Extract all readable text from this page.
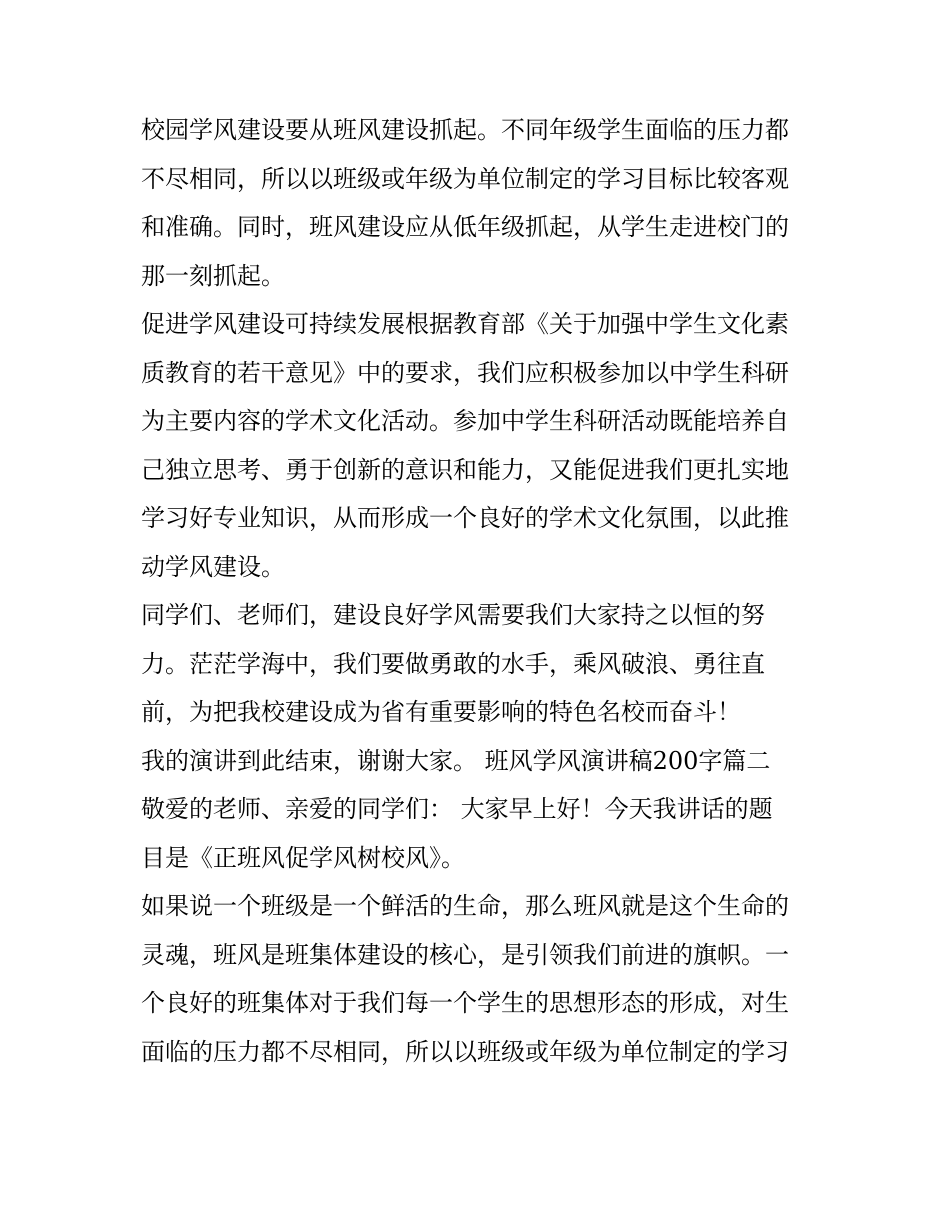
校园学风建设要从班风建设抓起。不同年级学生面临的压力都
不尽相同，所以以班级或年级为单位制定的学习目标比较客观
和准确。同时，班风建设应从低年级抓起，从学生走进校门的
那一刻抓起。
促进学风建设可持续发展根据教育部《关于加强中学生文化素
质教育的若干意见》中的要求，我们应积极参加以中学生科研
为主要内容的学术文化活动。参加中学生科研活动既能培养自
己独立思考、勇于创新的意识和能力，又能促进我们更扎实地
学习好专业知识，从而形成一个良好的学术文化氛围，以此推
动学风建设。
同学们、老师们，建设良好学风需要我们大家持之以恒的努
力。茫茫学海中，我们要做勇敢的水手，乘风破浪、勇往直
前，为把我校建设成为省有重要影响的特色名校而奋斗！
我的演讲到此结束，谢谢大家。 班风学风演讲稿200字篇二
敬爱的老师、亲爱的同学们： 大家早上好！今天我讲话的题
目是《正班风促学风树校风》。
如果说一个班级是一个鲜活的生命，那么班风就是这个生命的
灵魂，班风是班集体建设的核心，是引领我们前进的旗帜。一
个良好的班集体对于我们每一个学生的思想形态的形成，对生
面临的压力都不尽相同，所以以班级或年级为单位制定的学习
